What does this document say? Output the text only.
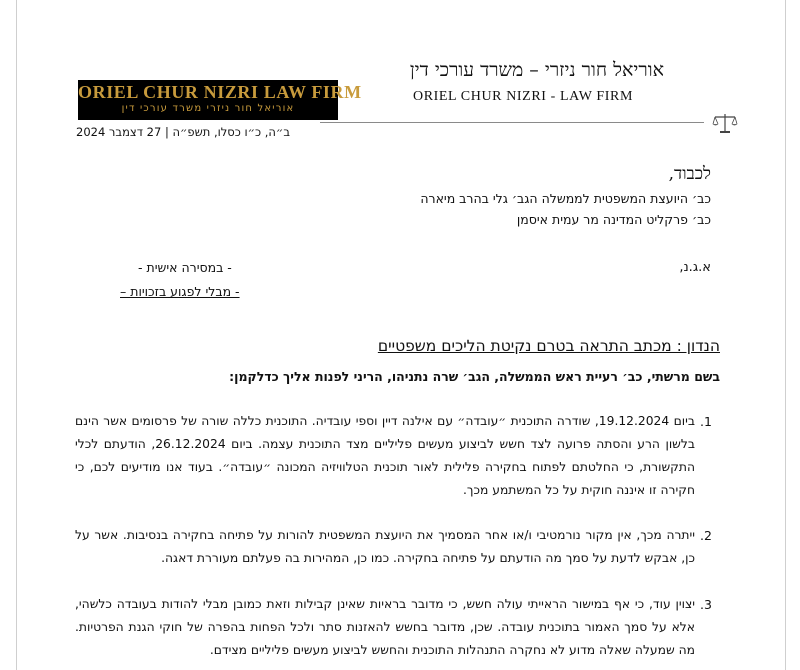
אוריאל חור ניזרי – משרד עורכי דין
ORIEL CHUR NIZRI - LAW FIRM
ORIEL CHUR NIZRI LAW FIRM
אוריאל חור ניזרי משרד עורכי דין
ב״ה, כ״ו כסלו, תשפ״ה | 27 דצמבר 2024
לכבוד,
כב׳ היועצת המשפטית לממשלה הגב׳ גלי בהרב מיארה
כב׳ פרקליט המדינה מר עמית איסמן
א.ג.נ,
- במסירה אישית -
- מבלי לפגוע בזכויות –
הנדון : מכתב התראה בטרם נקיטת הליכים משפטיים
בשם מרשתי, כב׳ רעיית ראש הממשלה, הגב׳ שרה נתניהו, הריני לפנות אליך כדלקמן:
.1
ביום 19.12.2024, שודרה התוכנית ״עובדה״ עם אילנה דיין וספי עובדיה. התוכנית כללה שורה של פרסומים אשר הינם בלשון הרע והסתה פרועה לצד חשש לביצוע מעשים פליליים מצד התוכנית עצמה. ביום 26.12.2024, הודעתם לכלי התקשורת, כי החלטתם לפתוח בחקירה פלילית לאור תוכנית הטלוויזיה המכונה ״עובדה״. בעוד אנו מודיעים לכם, כי חקירה זו איננה חוקית על כל המשתמע מכך.
.2
ייתרה מכך, אין מקור נורמטיבי ו/או אחר המסמיך את היועצת המשפטית להורות על פתיחה בחקירה בנסיבות. אשר על כן, אבקש לדעת על סמך מה הודעתם על פתיחה בחקירה. כמו כן, המהירות בה פעלתם מעוררת דאגה.
.3
יצוין עוד, כי אף במישור הראייתי עולה חשש, כי מדובר בראיות שאינן קבילות וזאת כמובן מבלי להודות בעובדה כלשהי, אלא על סמך האמור בתוכנית עובדה. שכן, מדובר בחשש להאזנות סתר ולכל הפחות בהפרה של חוקי הגנת הפרטיות. מה שמעלה שאלה מדוע לא נחקרה התנהלות התוכנית והחשש לביצוע מעשים פליליים מצידם.
